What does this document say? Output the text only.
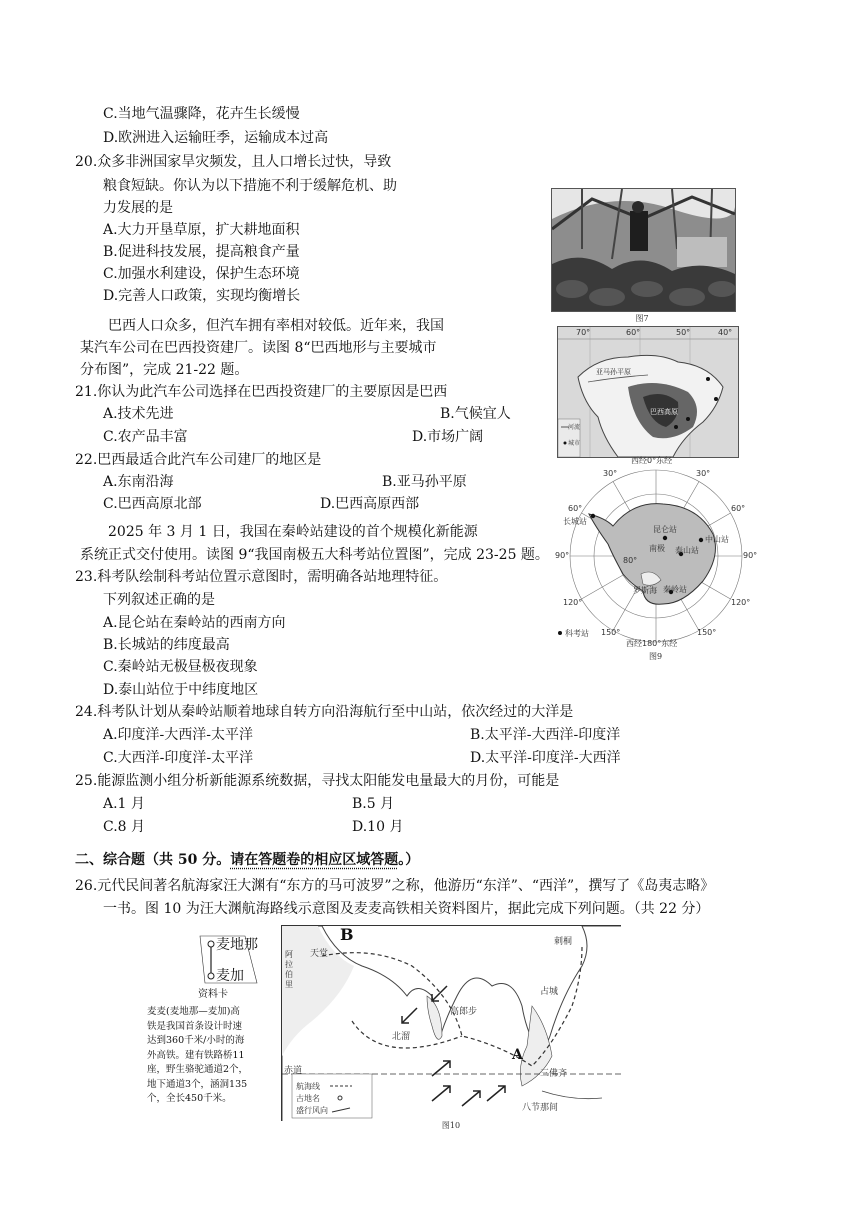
C.当地气温骤降，花卉生长缓慢
D.欧洲进入运输旺季，运输成本过高
20.众多非洲国家旱灾频发，且人口增长过快，导致
粮食短缺。你认为以下措施不利于缓解危机、助
力发展的是
A.大力开垦草原，扩大耕地面积
B.促进科技发展，提高粮食产量
C.加强水利建设，保护生态环境
D.完善人口政策，实现均衡增长
巴西人口众多，但汽车拥有率相对较低。近年来，我国
某汽车公司在巴西投资建厂。读图 8“巴西地形与主要城市
分布图”，完成 21-22 题。
21.你认为此汽车公司选择在巴西投资建厂的主要原因是巴西
A.技术先进	B.气候宜人
C.农产品丰富	D.市场广阔
22.巴西最适合此汽车公司建厂的地区是
A.东南沿海	B.亚马孙平原
C.巴西高原北部	D.巴西高原西部
2025 年 3 月 1 日，我国在秦岭站建设的首个规模化新能源
系统正式交付使用。读图 9“我国南极五大科考站位置图”，完成 23-25 题。
23.科考队绘制科考站位置示意图时，需明确各站地理特征。
下列叙述正确的是
A.昆仑站在秦岭站的西南方向
B.长城站的纬度最高
C.秦岭站无极昼极夜现象
D.泰山站位于中纬度地区
24.科考队计划从秦岭站顺着地球自转方向沿海航行至中山站，依次经过的大洋是
A.印度洋-大西洋-太平洋	B.太平洋-大西洋-印度洋
C.大西洋-印度洋-太平洋	D.太平洋-印度洋-大西洋
25.能源监测小组分析新能源系统数据，寻找太阳能发电量最大的月份，可能是
A.1 月	B.5 月
C.8 月	D.10 月
二、综合题（共 50 分。请在答题卷的相应区域答题。）
26.元代民间著名航海家汪大渊有“东方的马可波罗”之称，他游历“东洋”、“西洋”，撰写了《岛夷志略》
一书。图 10 为汪大渊航海路线示意图及麦麦高铁相关资料图片，据此完成下列问题。（共 22 分）
图7
70°	60°	50°	40°
亚马孙平原
巴西高原
河流
城市
西经0°东经
西经180°东经
30°	30°
60°	60°
90°	90°
120°	120°
150°	150°
80°
长城站
昆仑站
中山站
泰山站
南极
罗斯海 秦岭站
科考站
图9
麦地那
麦加
资料卡
麦麦(麦地那—麦加)高
铁是我国首条设计时速
达到360千米/小时的海
外高铁。建有铁路桥11
座，野生骆驼通道2个，
地下通道3个，涵洞135
个，全长450千米。
B
A
天堂
阿拉伯里
刺桐
占城
高郎步
北溜
赤道	三佛齐
八节那间
航海线
古地名
盛行风向
图10
